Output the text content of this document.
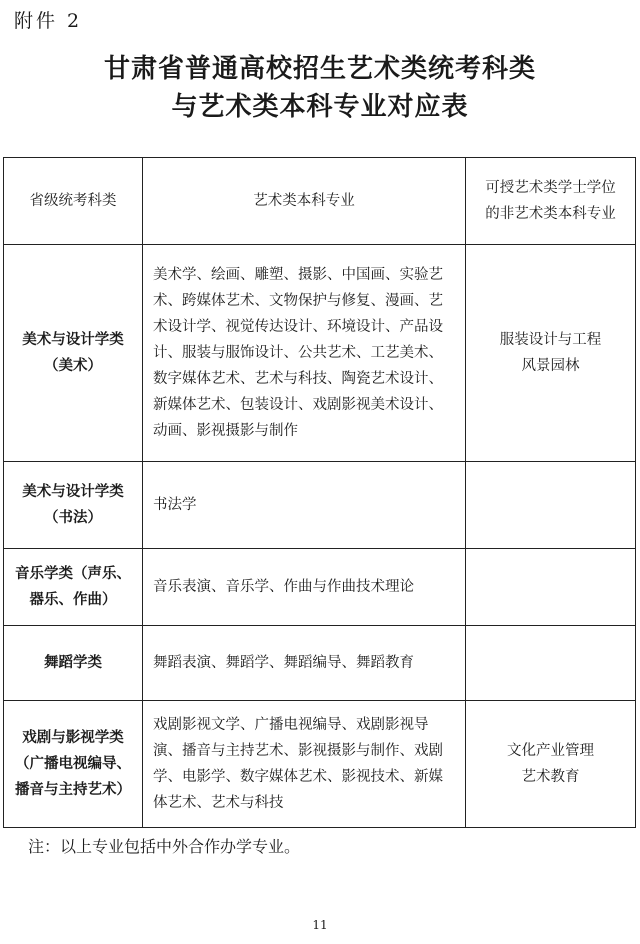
附件 2
甘肃省普通高校招生艺术类统考科类
与艺术类本科专业对应表
省级统考科类	艺术类本科专业	可授艺术类学士学位
的非艺术类本科专业

美术与设计学类
（美术）	美术学、绘画、雕塑、摄影、中国画、实验艺术、跨媒体艺术、文物保护与修复、漫画、艺术设计学、视觉传达设计、环境设计、产品设计、服装与服饰设计、公共艺术、工艺美术、数字媒体艺术、艺术与科技、陶瓷艺术设计、新媒体艺术、包装设计、戏剧影视美术设计、动画、影视摄影与制作	服装设计与工程
风景园林

美术与设计学类
（书法）	书法学	

音乐学类（声乐、
器乐、作曲）	音乐表演、音乐学、作曲与作曲技术理论	

舞蹈学类	舞蹈表演、舞蹈学、舞蹈编导、舞蹈教育	

戏剧与影视学类
（广播电视编导、
播音与主持艺术）	戏剧影视文学、广播电视编导、戏剧影视导演、播音与主持艺术、影视摄影与制作、戏剧学、电影学、数字媒体艺术、影视技术、新媒体艺术、艺术与科技	文化产业管理
艺术教育
注：以上专业包括中外合作办学专业。
11
